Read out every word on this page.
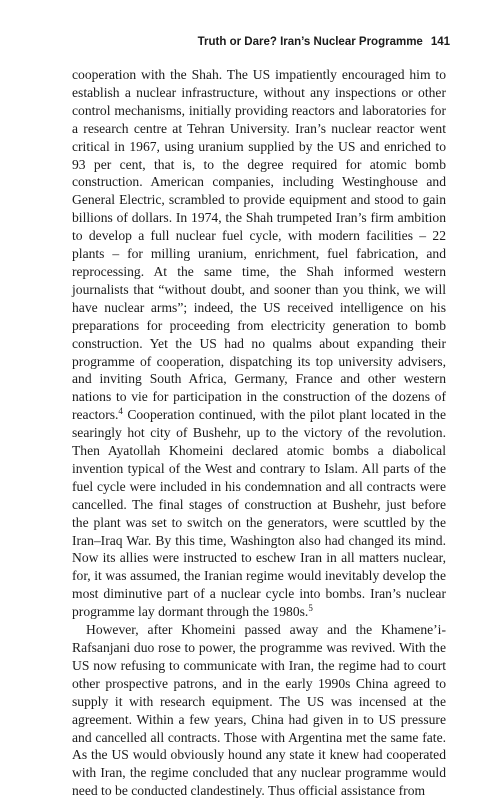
Truth or Dare? Iran’s Nuclear Programme 141

cooperation with the Shah. The US impatiently encouraged him to establish a nuclear infrastructure, without any inspections or other control mechanisms, initially providing reactors and laboratories for a research centre at Tehran University. Iran’s nuclear reactor went critical in 1967, using uranium supplied by the US and enriched to 93 per cent, that is, to the degree required for atomic bomb construction. American companies, including Westinghouse and General Electric, scrambled to provide equipment and stood to gain billions of dollars. In 1974, the Shah trumpeted Iran’s firm ambition to develop a full nuclear fuel cycle, with modern facilities – 22 plants – for milling uranium, enrichment, fuel fabrication, and reprocessing. At the same time, the Shah informed western journalists that “without doubt, and sooner than you think, we will have nuclear arms”; indeed, the US received intelligence on his preparations for proceeding from electricity generation to bomb construction. Yet the US had no qualms about expanding their programme of cooperation, dispatching its top university advisers, and inviting South Africa, Germany, France and other western nations to vie for participation in the construction of the dozens of reactors.$^4$ Cooperation continued, with the pilot plant located in the searingly hot city of Bushehr, up to the victory of the revolution. Then Ayatollah Khomeini declared atomic bombs a diabolical invention typical of the West and contrary to Islam. All parts of the fuel cycle were included in his condemnation and all contracts were cancelled. The final stages of construction at Bushehr, just before the plant was set to switch on the generators, were scuttled by the Iran–Iraq War. By this time, Washington also had changed its mind. Now its allies were instructed to eschew Iran in all matters nuclear, for, it was assumed, the Iranian regime would inevitably develop the most diminutive part of a nuclear cycle into bombs. Iran’s nuclear programme lay dormant through the 1980s.$^5$

However, after Khomeini passed away and the Khamene’i-Rafsanjani duo rose to power, the programme was revived. With the US now refusing to communicate with Iran, the regime had to court other prospective patrons, and in the early 1990s China agreed to supply it with research equipment. The US was incensed at the agreement. Within a few years, China had given in to US pressure and cancelled all contracts. Those with Argentina met the same fate. As the US would obviously hound any state it knew had cooperated with Iran, the regime concluded that any nuclear programme would need to be conducted clandestinely. Thus official assistance from
